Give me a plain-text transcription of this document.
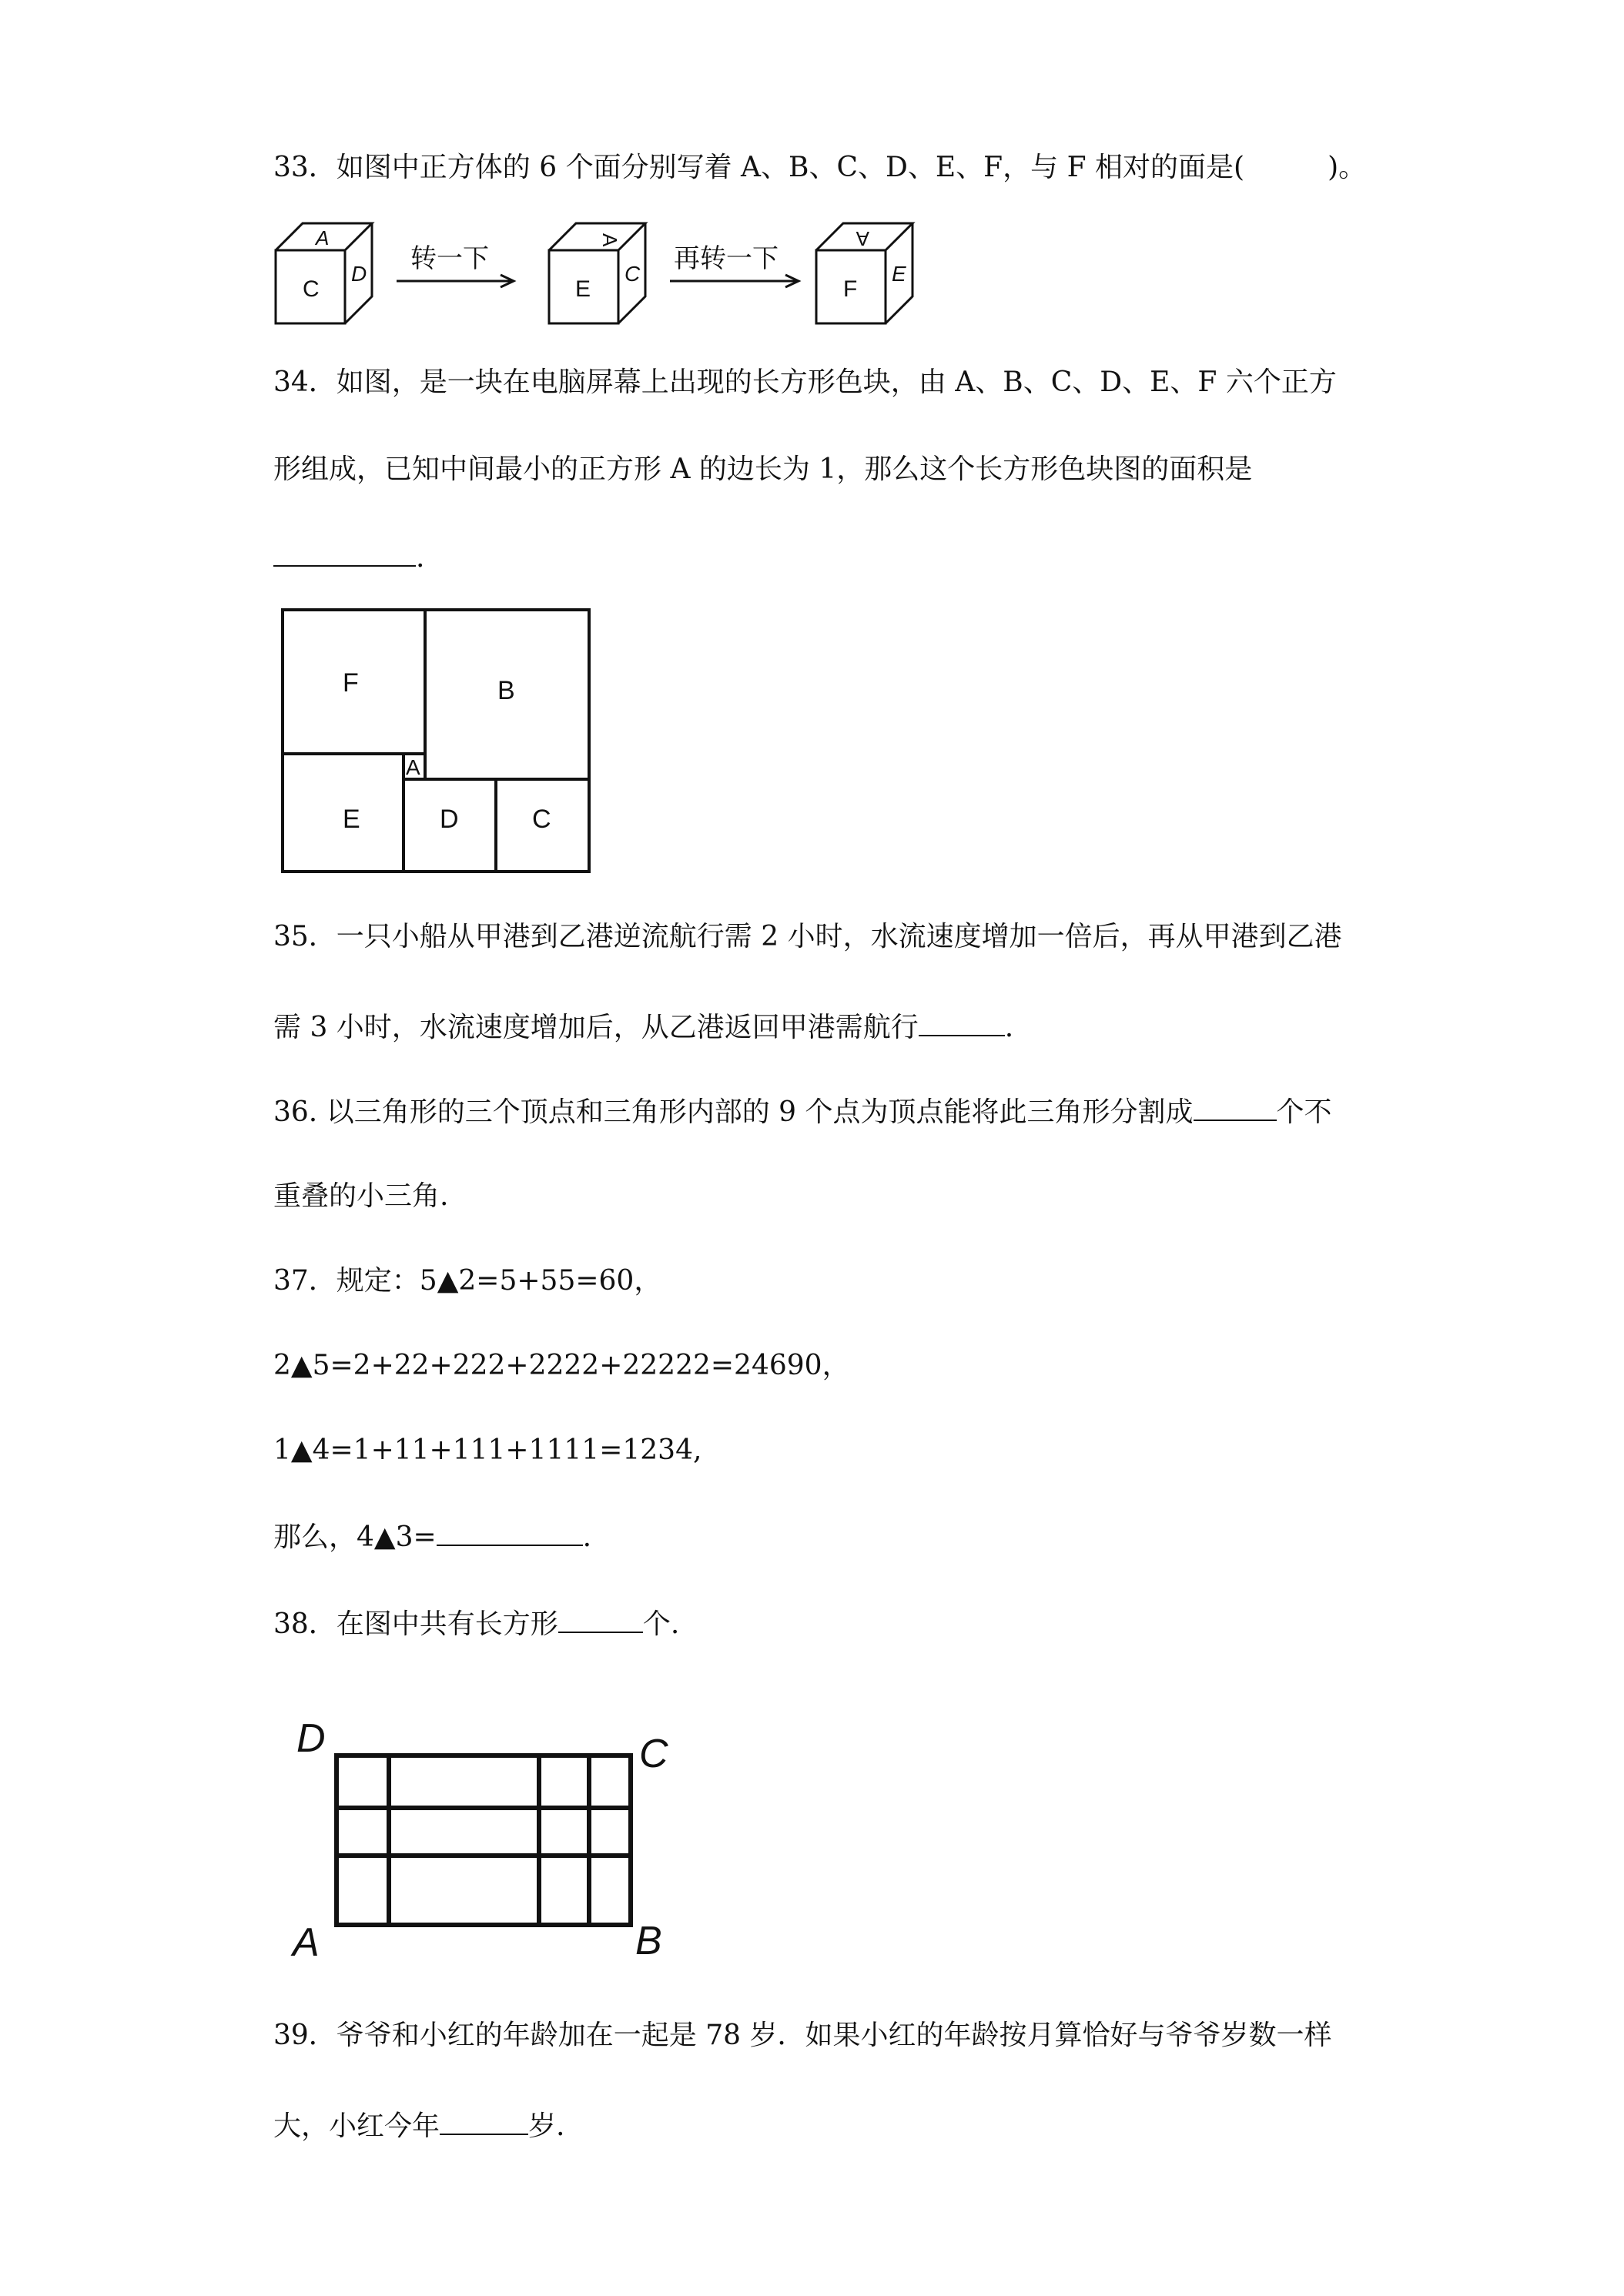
33．如图中正方体的 6 个面分别写着 A、B、C、D、E、F，与 F 相对的面是(　　　)。
C
A
D
转一下
E
A
C
再转一下
F
A
E
34．如图，是一块在电脑屏幕上出现的长方形色块，由 A、B、C、D、E、F 六个正方
形组成，已知中间最小的正方形 A 的边长为 1，那么这个长方形色块图的面积是
.
F	B
A
E	D	C
35．一只小船从甲港到乙港逆流航行需 2 小时，水流速度增加一倍后，再从甲港到乙港
需 3 小时，水流速度增加后，从乙港返回甲港需航行	.
36. 以三角形的三个顶点和三角形内部的 9 个点为顶点能将此三角形分割成	个不
重叠的小三角.
37．规定：5▲2=5+55=60，
2▲5=2+22+222+2222+22222=24690，
1▲4=1+11+111+1111=1234,
那么，4▲3=	.
38．在图中共有长方形	个.
D	C
A	B
39．爷爷和小红的年龄加在一起是 78 岁．如果小红的年龄按月算恰好与爷爷岁数一样
大，小红今年	岁.
